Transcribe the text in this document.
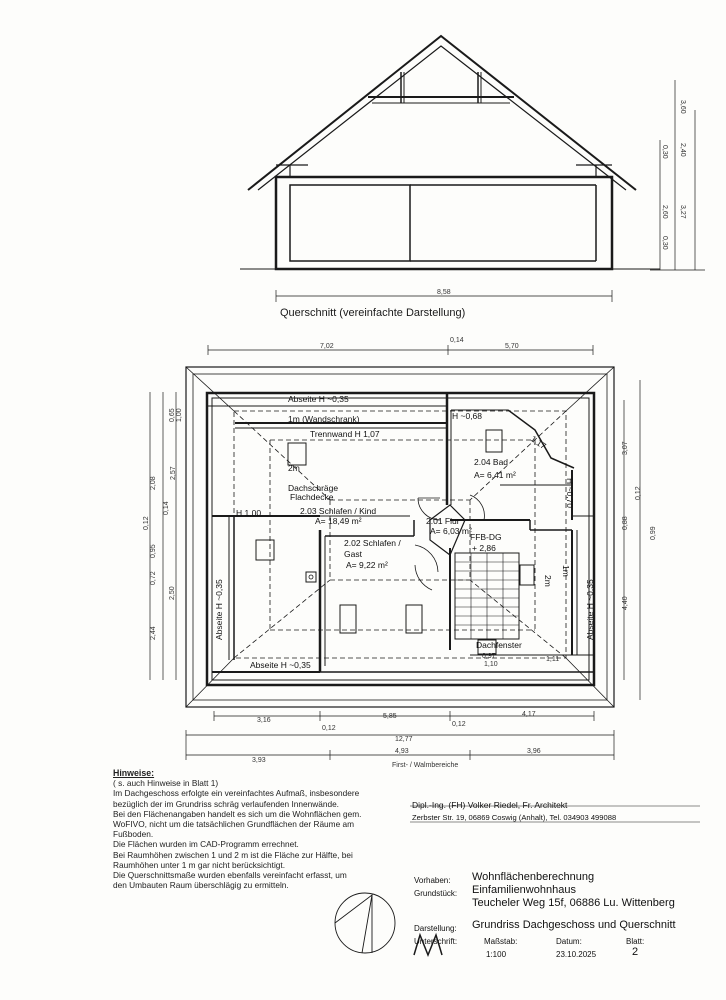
3,60
2,40
0,30
2,60 3,27
0,30
8,58
Querschnitt (vereinfachte Darstellung)
7,02
0,14
5,70
3,16
0,12
5,85
0,12
4,17
12,77
3,93
4,93	3,96
First- / Walmbereiche
0,65 1,00
2,08
2,57
0,14
0,12
0,95
0,72
2,50
2,44
3,07
0,12
0,99
4,40
0,88
Abseite H ~0,35
1m (Wandschrank)
Trennwand H 1,07
H ~0,68
1,17
2.04 Bad
A= 6,41 m²
2m
Dachschräge
Flachdecke
2.03 Schlafen / Kind
A= 18,49 m²
H 1,00
2.01 Flur
A= 6,03 m²
FFB-DG
+ 2,86
H ~0,70
2.02 Schlafen /
Gast
A= 9,22 m²
2m
1m
Abseite H ~0,35	Abseite H ~0,35
Dachfenster
0,97
1,10
1,11
Abseite H ~0,35

Hinweise:

( s. auch Hinweise in Blatt 1)

Im Dachgeschoss erfolgte ein vereinfachtes Aufmaß, insbesondere

bezüglich der im Grundriss schräg verlaufenden Innenwände.

Bei den Flächenangaben handelt es sich um die Wohnflächen gem.

WoFIVO, nicht um die tatsächlichen Grundflächen der Räume am

Fußboden.

Die Flächen wurden im CAD-Programm errechnet.

Bei Raumhöhen zwischen 1 und 2 m ist die Fläche zur Hälfte, bei

Raumhöhen unter 1 m gar nicht berücksichtigt.

Die Querschnittsmaße wurden ebenfalls vereinfacht erfasst, um

den Umbauten Raum überschlägig zu ermitteln.

Dipl.-Ing. (FH) Volker Riedel, Fr. Architekt
Zerbster Str. 19, 06869 Coswig (Anhalt), Tel. 034903 499088
Vorhaben: Wohnflächenberechnung
Grundstück: Einfamilienwohnhaus
Teucheler Weg 15f, 06886 Lu. Wittenberg
Darstellung: Grundriss Dachgeschoss und Querschnitt
Unterschrift:	Maßstab:
1:100
Datum:
23.10.2025
Blatt:
2
